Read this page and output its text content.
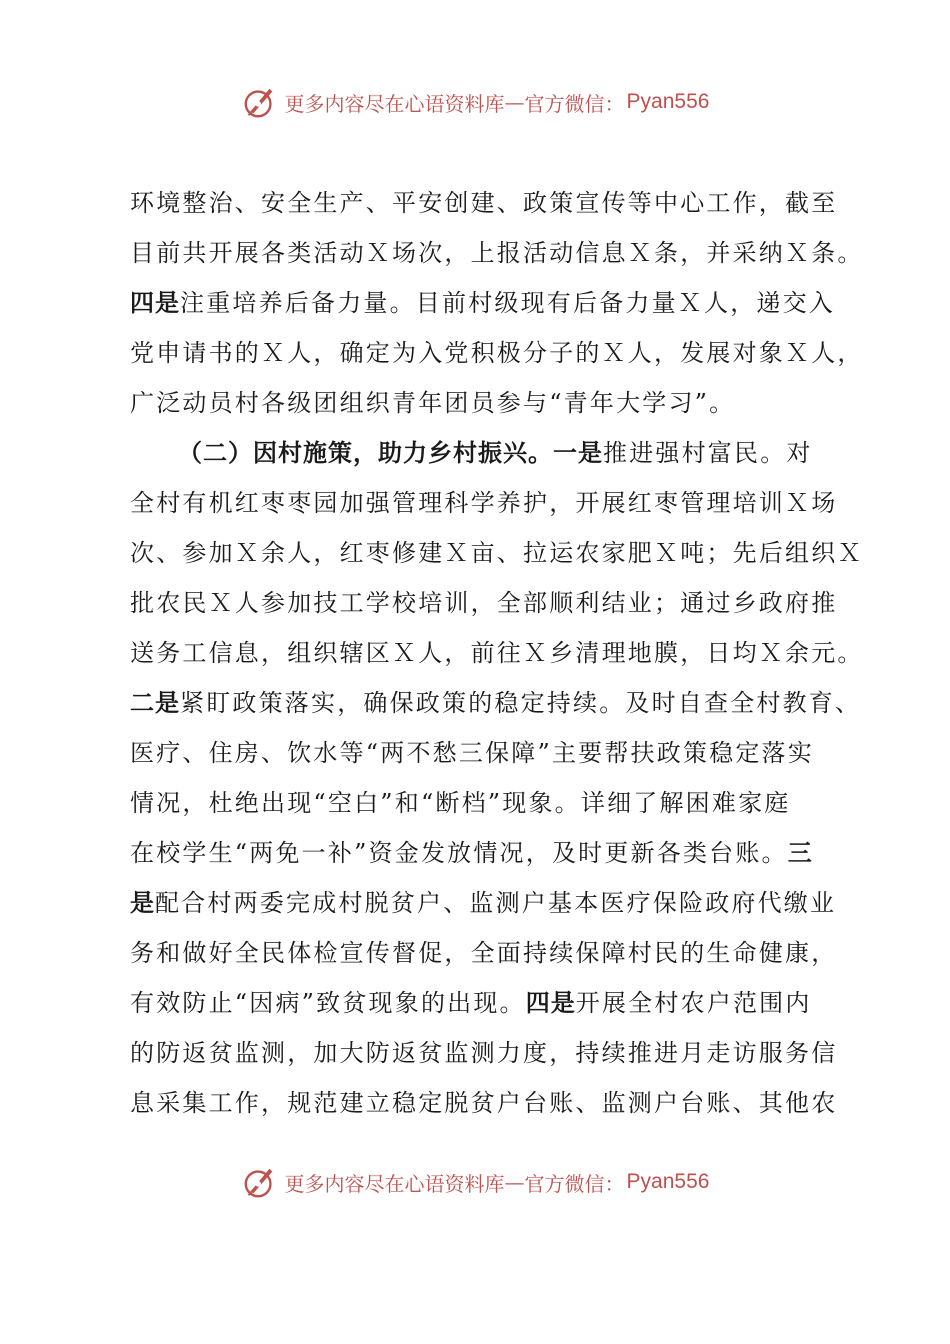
更多内容尽在心语资料库 — 官方微信： Pyan556
环境整治、安全生产、平安创建、政策宣传等中心工作，截至
目前共开展各类活动Ｘ场次，上报活动信息Ｘ条，并采纳Ｘ条。
四是注重培养后备力量。目前村级现有后备力量Ｘ人，递交入
党申请书的Ｘ人，确定为入党积极分子的Ｘ人，发展对象Ｘ人，
广泛动员村各级团组织青年团员参与“青年大学习”。
（二）因村施策，助力乡村振兴。一是推进强村富民。对
全村有机红枣枣园加强管理科学养护，开展红枣管理培训Ｘ场
次、参加Ｘ余人，红枣修建Ｘ亩、拉运农家肥Ｘ吨；先后组织Ｘ
批农民Ｘ人参加技工学校培训，全部顺利结业；通过乡政府推
送务工信息，组织辖区Ｘ人，前往Ｘ乡清理地膜，日均Ｘ余元。
二是紧盯政策落实，确保政策的稳定持续。及时自查全村教育、
医疗、住房、饮水等“两不愁三保障”主要帮扶政策稳定落实
情况，杜绝出现“空白”和“断档”现象。详细了解困难家庭
在校学生“两免一补”资金发放情况，及时更新各类台账。三
是配合村两委完成村脱贫户、监测户基本医疗保险政府代缴业
务和做好全民体检宣传督促，全面持续保障村民的生命健康，
有效防止“因病”致贫现象的出现。四是开展全村农户范围内
的防返贫监测，加大防返贫监测力度，持续推进月走访服务信
息采集工作，规范建立稳定脱贫户台账、监测户台账、其他农
更多内容尽在心语资料库 — 官方微信： Pyan556
